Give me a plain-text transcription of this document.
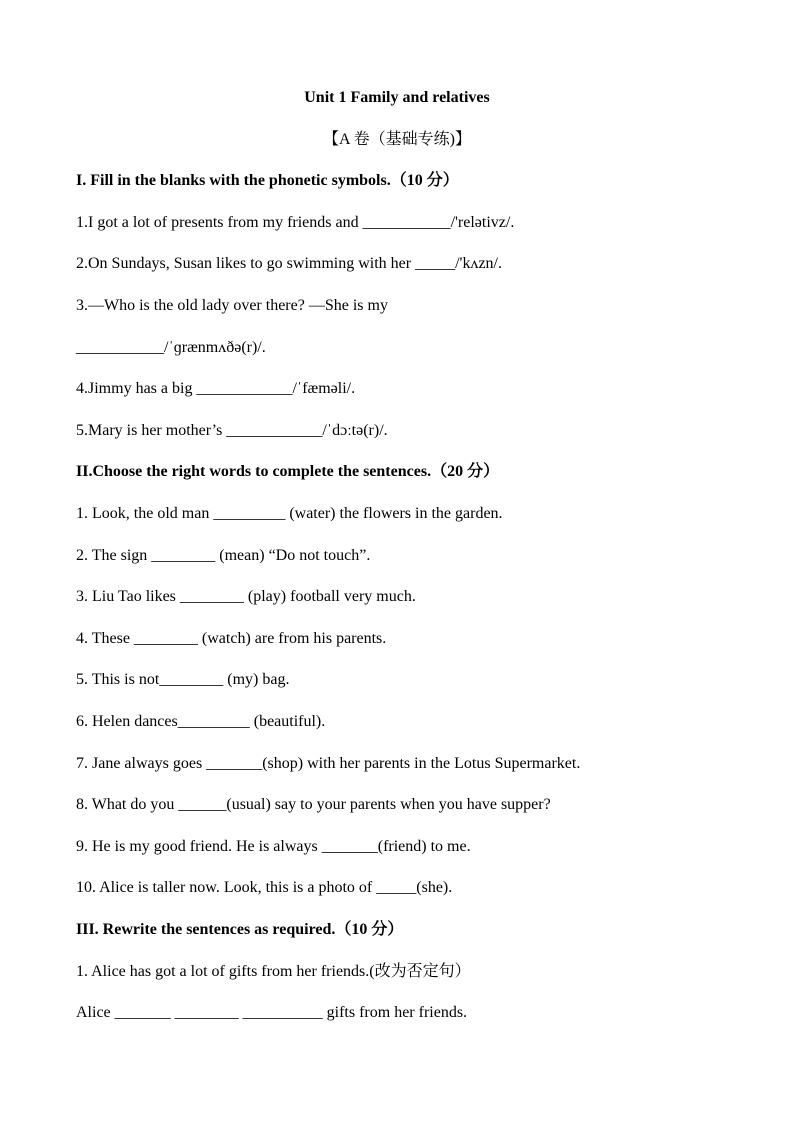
Unit 1 Family and relatives
【A 卷（基础专练)】
I. Fill in the blanks with the phonetic symbols.（10 分）
1.I got a lot of presents from my friends and ___________/'relətivz/.
2.On Sundays, Susan likes to go swimming with her _____/'kʌzn/.
3.—Who is the old lady over there? —She is my
___________/ˈɡrænmʌðə(r)/.
4.Jimmy has a big ____________/ˈfæməli/.
5.Mary is her mother’s ____________/ˈdɔːtə(r)/.
II.Choose the right words to complete the sentences.（20 分）
1. Look, the old man _________ (water) the flowers in the garden.
2. The sign ________ (mean) “Do not touch”.
3. Liu Tao likes ________ (play) football very much.
4. These ________ (watch) are from his parents.
5. This is not________ (my) bag.
6. Helen dances_________ (beautiful).
7. Jane always goes _______(shop) with her parents in the Lotus Supermarket.
8. What do you ______(usual) say to your parents when you have supper?
9. He is my good friend. He is always _______(friend) to me.
10. Alice is taller now. Look, this is a photo of _____(she).
III. Rewrite the sentences as required.（10 分）
1. Alice has got a lot of gifts from her friends.(改为否定句）
Alice _______ ________ __________ gifts from her friends.
